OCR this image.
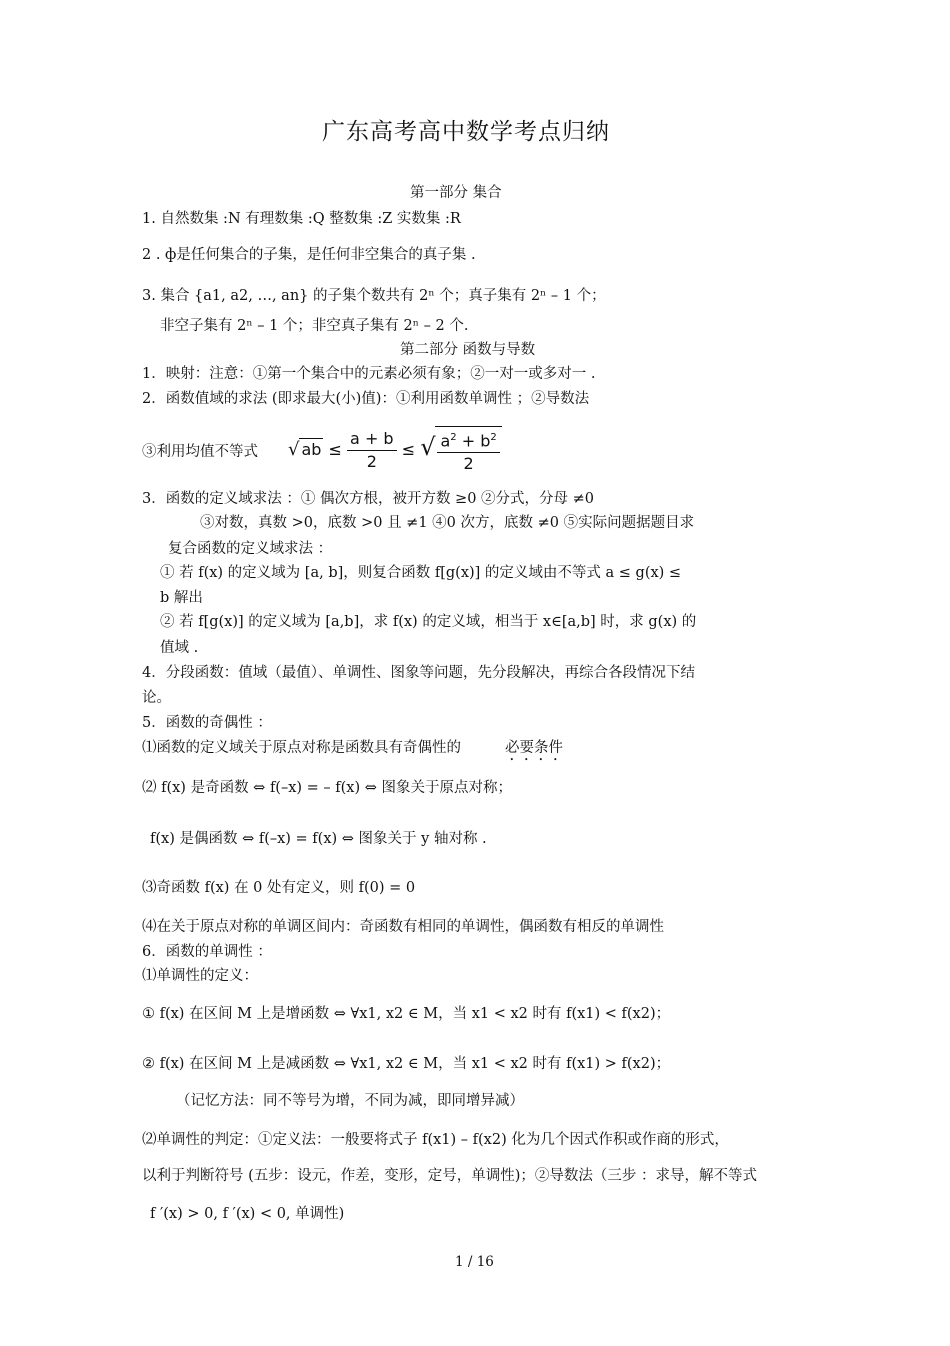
广东高考高中数学考点归纳
第一部分 集合
1. 自然数集 :N 有理数集 :Q 整数集 :Z 实数集 :R
2 . ф是任何集合的子集，是任何非空集合的真子集 .
3. 集合 {a1, a2, …, an} 的子集个数共有 2ⁿ 个；真子集有 2ⁿ – 1 个；
非空子集有 2ⁿ – 1 个；非空真子集有 2ⁿ – 2 个.
第二部分 函数与导数
1．映射：注意：①第一个集合中的元素必须有象；②一对一或多对一 .
2．函数值域的求法 (即求最大(小)值)：①利用函数单调性 ；②导数法
③利用均值不等式 √ ab ≤ $\frac{a + b}{2}$ ≤ √ $\frac{a^2 + b^2}{2}$
3．函数的定义域求法 ：① 偶次方根，被开方数 ≥0 ②分式，分母 ≠0
③对数，真数 >0，底数 >0 且 ≠1 ④0 次方，底数 ≠0 ⑤实际问题据题目求
复合函数的定义域求法 ：
① 若 f(x) 的定义域为 [a, b]，则复合函数 f[g(x)] 的定义域由不等式 a ≤ g(x) ≤
b 解出
② 若 f[g(x)] 的定义域为 [a,b]，求 f(x) 的定义域，相当于 x∈[a,b] 时，求 g(x) 的
值域 .
4．分段函数：值域（最值）、单调性、图象等问题，先分段解决，再综合各段情况下结
论。
5．函数的奇偶性 ：
⑴函数的定义域关于原点对称是函数具有奇偶性的	必要条件
⑵ f(x) 是奇函数 ⇔ f(–x) = – f(x) ⇔ 图象关于原点对称；
f(x) 是偶函数 ⇔ f(–x) = f(x) ⇔ 图象关于 y 轴对称 .
⑶奇函数 f(x) 在 0 处有定义，则 f(0) = 0
⑷在关于原点对称的单调区间内：奇函数有相同的单调性，偶函数有相反的单调性
6．函数的单调性 ：
⑴单调性的定义：
① f(x) 在区间 M 上是增函数 ⇔ ∀x1, x2 ∈ M，当 x1 < x2 时有 f(x1) < f(x2)；
② f(x) 在区间 M 上是减函数 ⇔ ∀x1, x2 ∈ M，当 x1 < x2 时有 f(x1) > f(x2)；
（记忆方法：同不等号为增，不同为减，即同增异减）
⑵单调性的判定：①定义法：一般要将式子 f(x1) – f(x2) 化为几个因式作积或作商的形式，
以利于判断符号 (五步：设元，作差，变形，定号，单调性)；②导数法（三步 ：求导，解不等式
f ′(x) > 0, f ′(x) < 0, 单调性)
1 / 16
